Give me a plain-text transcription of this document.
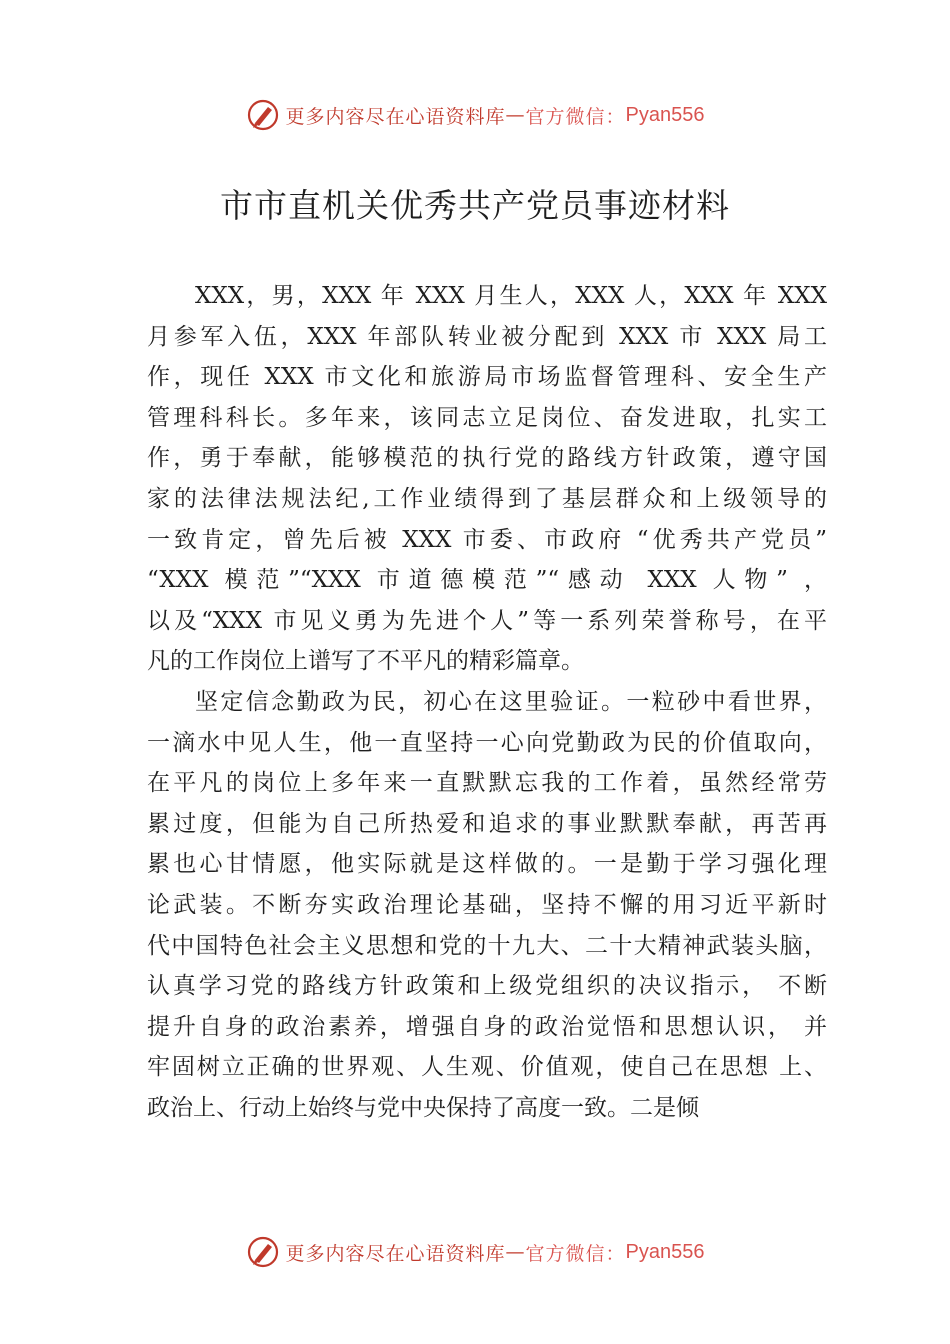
更多内容尽在心语资料库 — 官方微信： Pyan556
市市直机关优秀共产党员事迹材料
XXX，男，XXX 年 XXX 月生人，XXX 人，XXX 年 XXX
月参军入伍，XXX 年部队转业被分配到 XXX 市 XXX 局工
作，现任 XXX 市文化和旅游局市场监督管理科、安全生产
管理科科长。多年来，该同志立足岗位、奋发进取，扎实工
作，勇于奉献，能够模范的执行党的路线方针政策，遵守国
家的法律法规法纪,工作业绩得到了基层群众和上级领导的
一致肯定，曾先后被 XXX 市委、市政府 “优秀共产党员”
“XXX 模范”“XXX 市道德模范”“感动 XXX 人物” ，
以及“XXX 市见义勇为先进个人”等一系列荣誉称号，在平
凡的工作岗位上谱写了不平凡的精彩篇章。
坚定信念勤政为民，初心在这里验证。一粒砂中看世界，
一滴水中见人生，他一直坚持一心向党勤政为民的价值取向，
在平凡的岗位上多年来一直默默忘我的工作着，虽然经常劳
累过度，但能为自己所热爱和追求的事业默默奉献，再苦再
累也心甘情愿，他实际就是这样做的。一是勤于学习强化理
论武装。不断夯实政治理论基础，坚持不懈的用习近平新时
代中国特色社会主义思想和党的十九大、二十大精神武装头脑，
认真学习党的路线方针政策和上级党组织的决议指示， 不断
提升自身的政治素养，增强自身的政治觉悟和思想认识， 并
牢固树立正确的世界观、人生观、价值观，使自己在思想 上、
政治上、行动上始终与党中央保持了高度一致。二是倾
更多内容尽在心语资料库 — 官方微信： Pyan556
